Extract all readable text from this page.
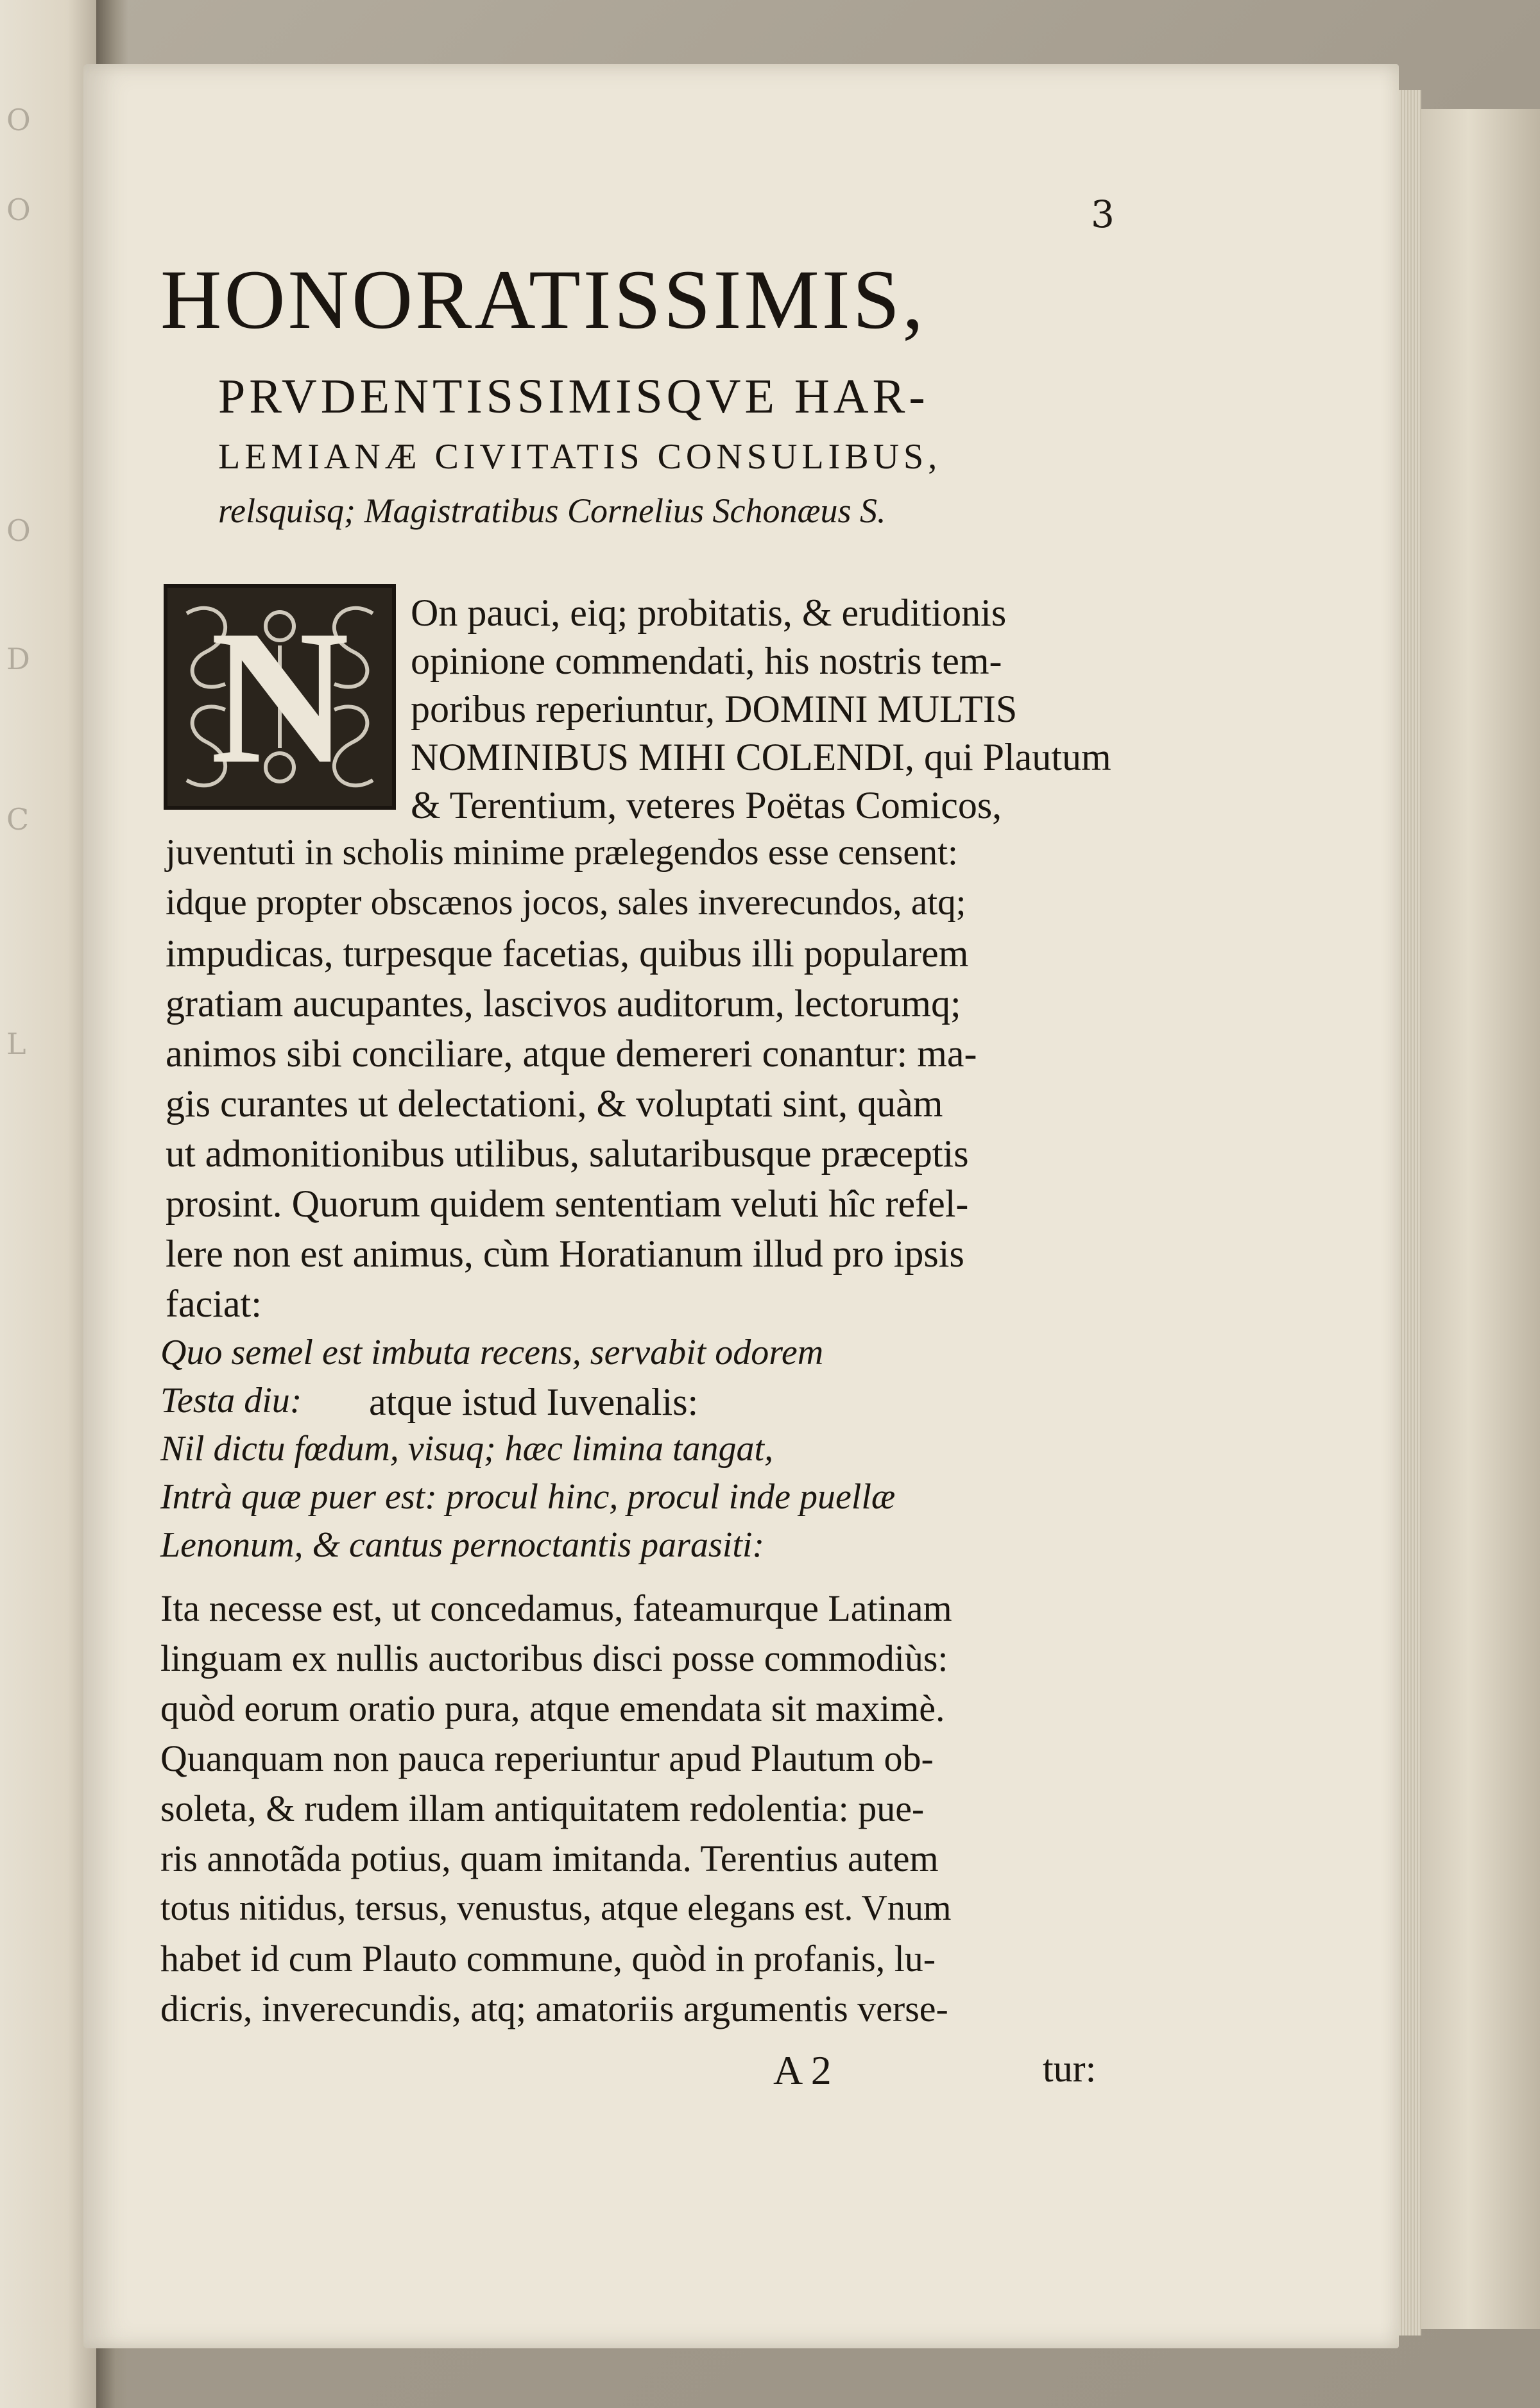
O
O
O
D
C
L
3
HONORATISSIMIS,
PRVDENTISSIMISQVE HAR-
LEMIANÆ CIVITATIS CONSULIBUS,
relsquisq; Magistratibus Cornelius Schonæus S.
N	On pauci, eiq; probitatis, & eruditionis
opinione commendati, his nostris tem-
poribus reperiuntur, DOMINI MULTIS
NOMINIBUS MIHI COLENDI, qui Plautum
& Terentium, veteres Poëtas Comicos,
juventuti in scholis minime prælegendos esse censent:
idque propter obscænos jocos, sales inverecundos, atq;
impudicas, turpesque facetias, quibus illi popularem
gratiam aucupantes, lascivos auditorum, lectorumq;
animos sibi conciliare, atque demereri conantur: ma-
gis curantes ut delectationi, & voluptati sint, quàm
ut admonitionibus utilibus, salutaribusque præceptis
prosint. Quorum quidem sententiam veluti hîc refel-
lere non est animus, cùm Horatianum illud pro ipsis
faciat:
Quo semel est imbuta recens, servabit odorem
Testa diu: atque istud Iuvenalis:
Nil dictu fœdum, visuq; hæc limina tangat,
Intrà quæ puer est: procul hinc, procul inde puellæ
Lenonum, & cantus pernoctantis parasiti:
Ita necesse est, ut concedamus, fateamurque Latinam
linguam ex nullis auctoribus disci posse commodiùs:
quòd eorum oratio pura, atque emendata sit maximè.
Quanquam non pauca reperiuntur apud Plautum ob-
soleta, & rudem illam antiquitatem redolentia: pue-
ris annotãda potius, quam imitanda. Terentius autem
totus nitidus, tersus, venustus, atque elegans est. Vnum
habet id cum Plauto commune, quòd in profanis, lu-
dicris, inverecundis, atq; amatoriis argumentis verse-
A 2	tur:
